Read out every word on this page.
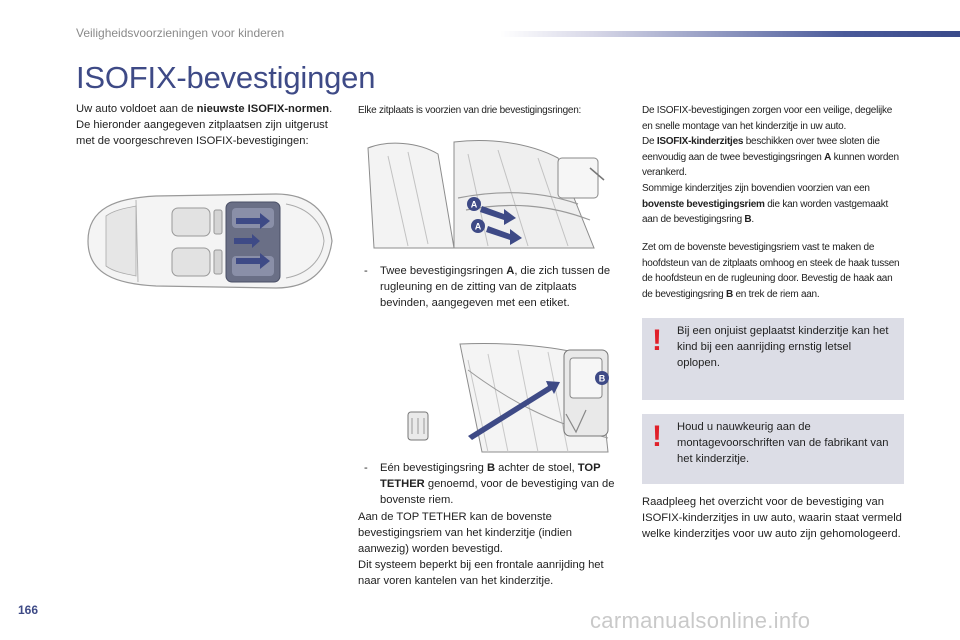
Veiligheidsvoorzieningen voor kinderen
ISOFIX-bevestigingen
Uw auto voldoet aan de nieuwste ISOFIX-normen.
De hieronder aangegeven zitplaatsen zijn uitgerust met de voorgeschreven ISOFIX-bevestigingen:
Elke zitplaats is voorzien van drie bevestigingsringen:
A
A
-	Twee bevestigingsringen A, die zich tussen de rugleuning en de zitting van de zitplaats bevinden, aangegeven met een etiket.
B
-	Eén bevestigingsring B achter de stoel, TOP TETHER genoemd, voor de bevestiging van de bovenste riem.
Aan de TOP TETHER kan de bovenste bevestigingsriem van het kinderzitje (indien aanwezig) worden bevestigd.
Dit systeem beperkt bij een frontale aanrijding het naar voren kantelen van het kinderzitje.
De ISOFIX-bevestigingen zorgen voor een veilige, degelijke en snelle montage van het kinderzitje in uw auto.
De ISOFIX-kinderzitjes beschikken over twee sloten die eenvoudig aan de twee bevestigingsringen A kunnen worden verankerd.
Sommige kinderzitjes zijn bovendien voorzien van een bovenste bevestigingsriem die kan worden vastgemaakt aan de bevestigingsring B.
Zet om de bovenste bevestigingsriem vast te maken de hoofdsteun van de zitplaats omhoog en steek de haak tussen de hoofdsteun en de rugleuning door. Bevestig de haak aan de bevestigingsring B en trek de riem aan.
! Bij een onjuist geplaatst kinderzitje kan het kind bij een aanrijding ernstig letsel oplopen.
! Houd u nauwkeurig aan de montagevoorschriften van de fabrikant van het kinderzitje.
Raadpleeg het overzicht voor de bevestiging van ISOFIX-kinderzitjes in uw auto, waarin staat vermeld welke kinderzitjes voor uw auto zijn gehomologeerd.
166	carmanualsonline.info
